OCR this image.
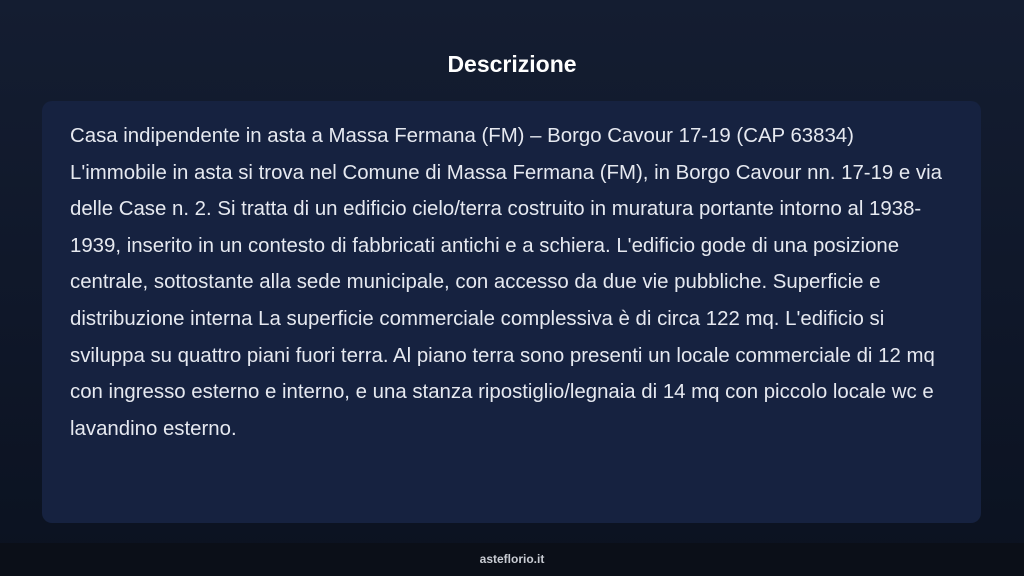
Descrizione

Casa indipendente in asta a Massa Fermana (FM) – Borgo Cavour 17-19 (CAP 63834) L'immobile in asta si trova nel Comune di Massa Fermana (FM), in Borgo Cavour nn. 17-19 e via delle Case n. 2. Si tratta di un edificio cielo/terra costruito in muratura portante intorno al 1938-1939, inserito in un contesto di fabbricati antichi e a schiera. L'edificio gode di una posizione centrale, sottostante alla sede municipale, con accesso da due vie pubbliche. Superficie e distribuzione interna La superficie commerciale complessiva è di circa 122 mq. L'edificio si sviluppa su quattro piani fuori terra. Al piano terra sono presenti un locale commerciale di 12 mq con ingresso esterno e interno, e una stanza ripostiglio/legnaia di 14 mq con piccolo locale wc e lavandino esterno.

asteflorio.it
